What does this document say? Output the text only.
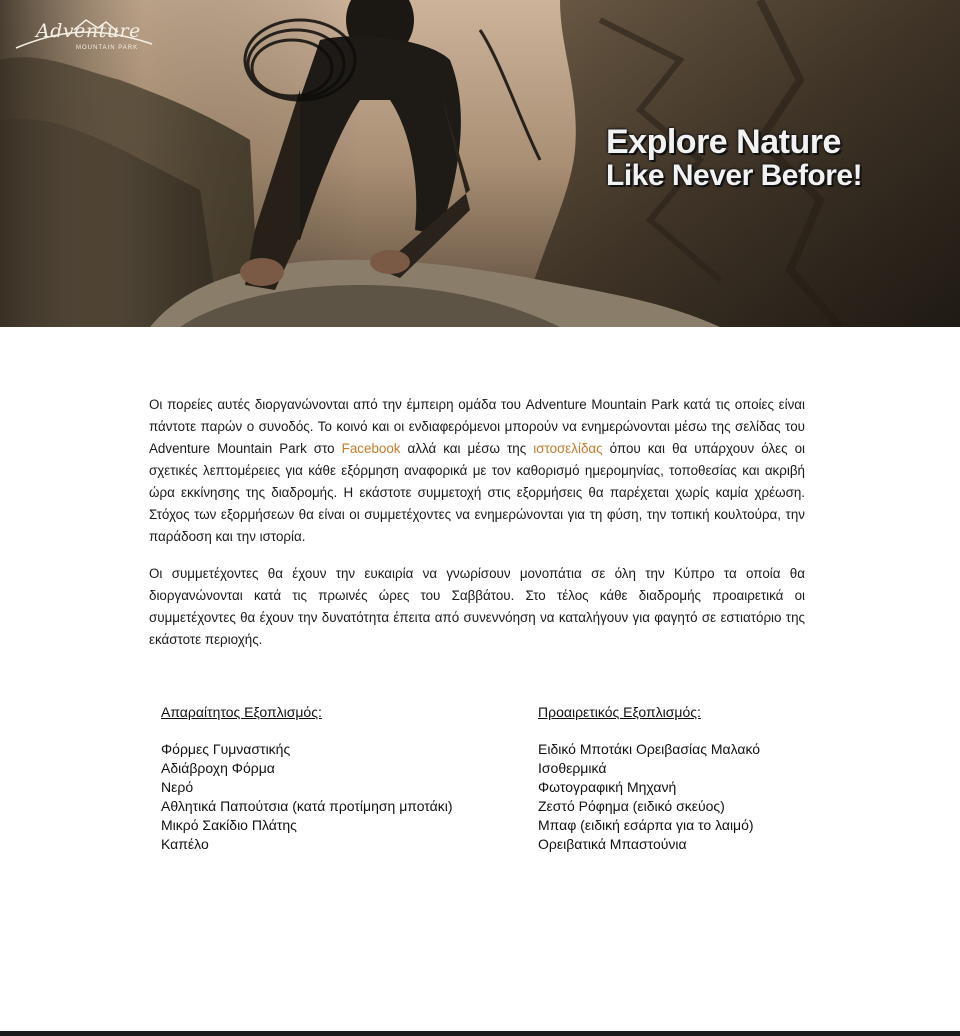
Adventure
MOUNTAIN PARK
Explore Nature
Like Never Before!

Οι πορείες αυτές διοργανώνονται από την έμπειρη ομάδα του Adventure Mountain Park κατά τις οποίες είναι πάντοτε παρών ο συνοδός. Το κοινό και οι ενδιαφερόμενοι μπορούν να ενημερώνονται μέσω της σελίδας του Adventure Mountain Park στο Facebook αλλά και μέσω της ιστοσελίδας όπου και θα υπάρχουν όλες οι σχετικές λεπτομέρειες για κάθε εξόρμηση αναφορικά με τον καθορισμό ημερομηνίας, τοποθεσίας και ακριβή ώρα εκκίνησης της διαδρομής. Η εκάστοτε συμμετοχή στις εξορμήσεις θα παρέχεται χωρίς καμία χρέωση. Στόχος των εξορμήσεων θα είναι οι συμμετέχοντες να ενημερώνονται για τη φύση, την τοπική κουλτούρα, την παράδοση και την ιστορία.

Οι συμμετέχοντες θα έχουν την ευκαιρία να γνωρίσουν μονοπάτια σε όλη την Κύπρο τα οποία θα διοργανώνονται κατά τις πρωινές ώρες του Σαββάτου. Στο τέλος κάθε διαδρομής προαιρετικά οι συμμετέχοντες θα έχουν την δυνατότητα έπειτα από συνεννόηση να καταλήγουν για φαγητό σε εστιατόριο της εκάστοτε περιοχής.

Απαραίτητος Εξοπλισμός:
Φόρμες Γυμναστικής
Αδιάβροχη Φόρμα
Νερό
Αθλητικά Παπούτσια (κατά προτίμηση μποτάκι)
Μικρό Σακίδιο Πλάτης
Καπέλο
Προαιρετικός Εξοπλισμός:
Ειδικό Μποτάκι Ορειβασίας Μαλακό
Ισοθερμικά
Φωτογραφική Μηχανή
Ζεστό Ρόφημα (ειδικό σκεύος)
Μπαφ (ειδική εσάρπα για το λαιμό)
Ορειβατικά Μπαστούνια
